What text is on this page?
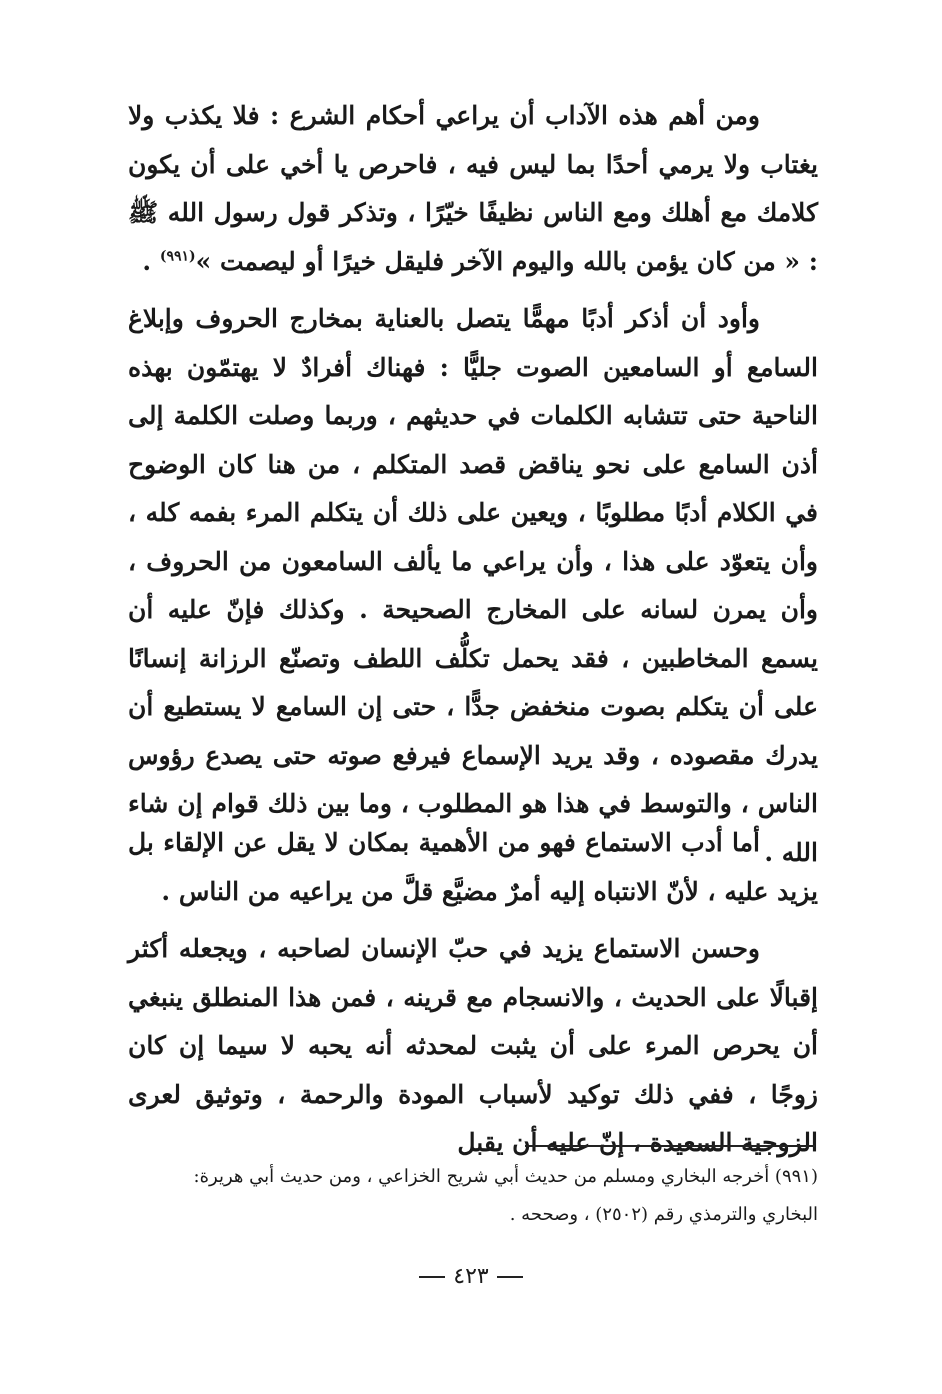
ومن أهم هذه الآداب أن يراعي أحكام الشرع : فلا يكذب ولا يغتاب ولا يرمي أحدًا بما ليس فيه ، فاحرص يا أخي على أن يكون كلامك مع أهلك ومع الناس نظيفًا خيّرًا ، وتذكر قول رسول الله ﷺ : « من كان يؤمن بالله واليوم الآخر فليقل خيرًا أو ليصمت »$^{(٩٩١)}$ .

وأود أن أذكر أدبًا مهمًّا يتصل بالعناية بمخارج الحروف وإبلاغ السامع أو السامعين الصوت جليًّا : فهناك أفرادٌ لا يهتمّون بهذه الناحية حتى تتشابه الكلمات في حديثهم ، وربما وصلت الكلمة إلى أذن السامع على نحو يناقض قصد المتكلم ، من هنا كان الوضوح في الكلام أدبًا مطلوبًا ، ويعين على ذلك أن يتكلم المرء بفمه كله ، وأن يتعوّد على هذا ، وأن يراعي ما يألف السامعون من الحروف ، وأن يمرن لسانه على المخارج الصحيحة . وكذلك فإنّ عليه أن يسمع المخاطبين ، فقد يحمل تكلُّف اللطف وتصنّع الرزانة إنسانًا على أن يتكلم بصوت منخفض جدًّا ، حتى إن السامع لا يستطيع أن يدرك مقصوده ، وقد يريد الإسماع فيرفع صوته حتى يصدع رؤوس الناس ، والتوسط في هذا هو المطلوب ، وما بين ذلك قوام إن شاء الله .

أما أدب الاستماع فهو من الأهمية بمكان لا يقل عن الإلقاء بل يزيد عليه ، لأنّ الانتباه إليه أمرٌ مضيَّع قلَّ من يراعيه من الناس .

وحسن الاستماع يزيد في حبّ الإنسان لصاحبه ، ويجعله أكثر إقبالًا على الحديث ، والانسجام مع قرينه ، فمن هذا المنطلق ينبغي أن يحرص المرء على أن يثبت لمحدثه أنه يحبه لا سيما إن كان زوجًا ، ففي ذلك توكيد لأسباب المودة والرحمة ، وتوثيق لعرى الزوجية السعيدة ، إنّ عليه أن يقبل

(٩٩١) أخرجه البخاري ومسلم من حديث أبي شريح الخزاعي ، ومن حديث أبي هريرة:

البخاري والترمذي رقم (٢٥٠٢) ، وصححه .

٤٢٣
